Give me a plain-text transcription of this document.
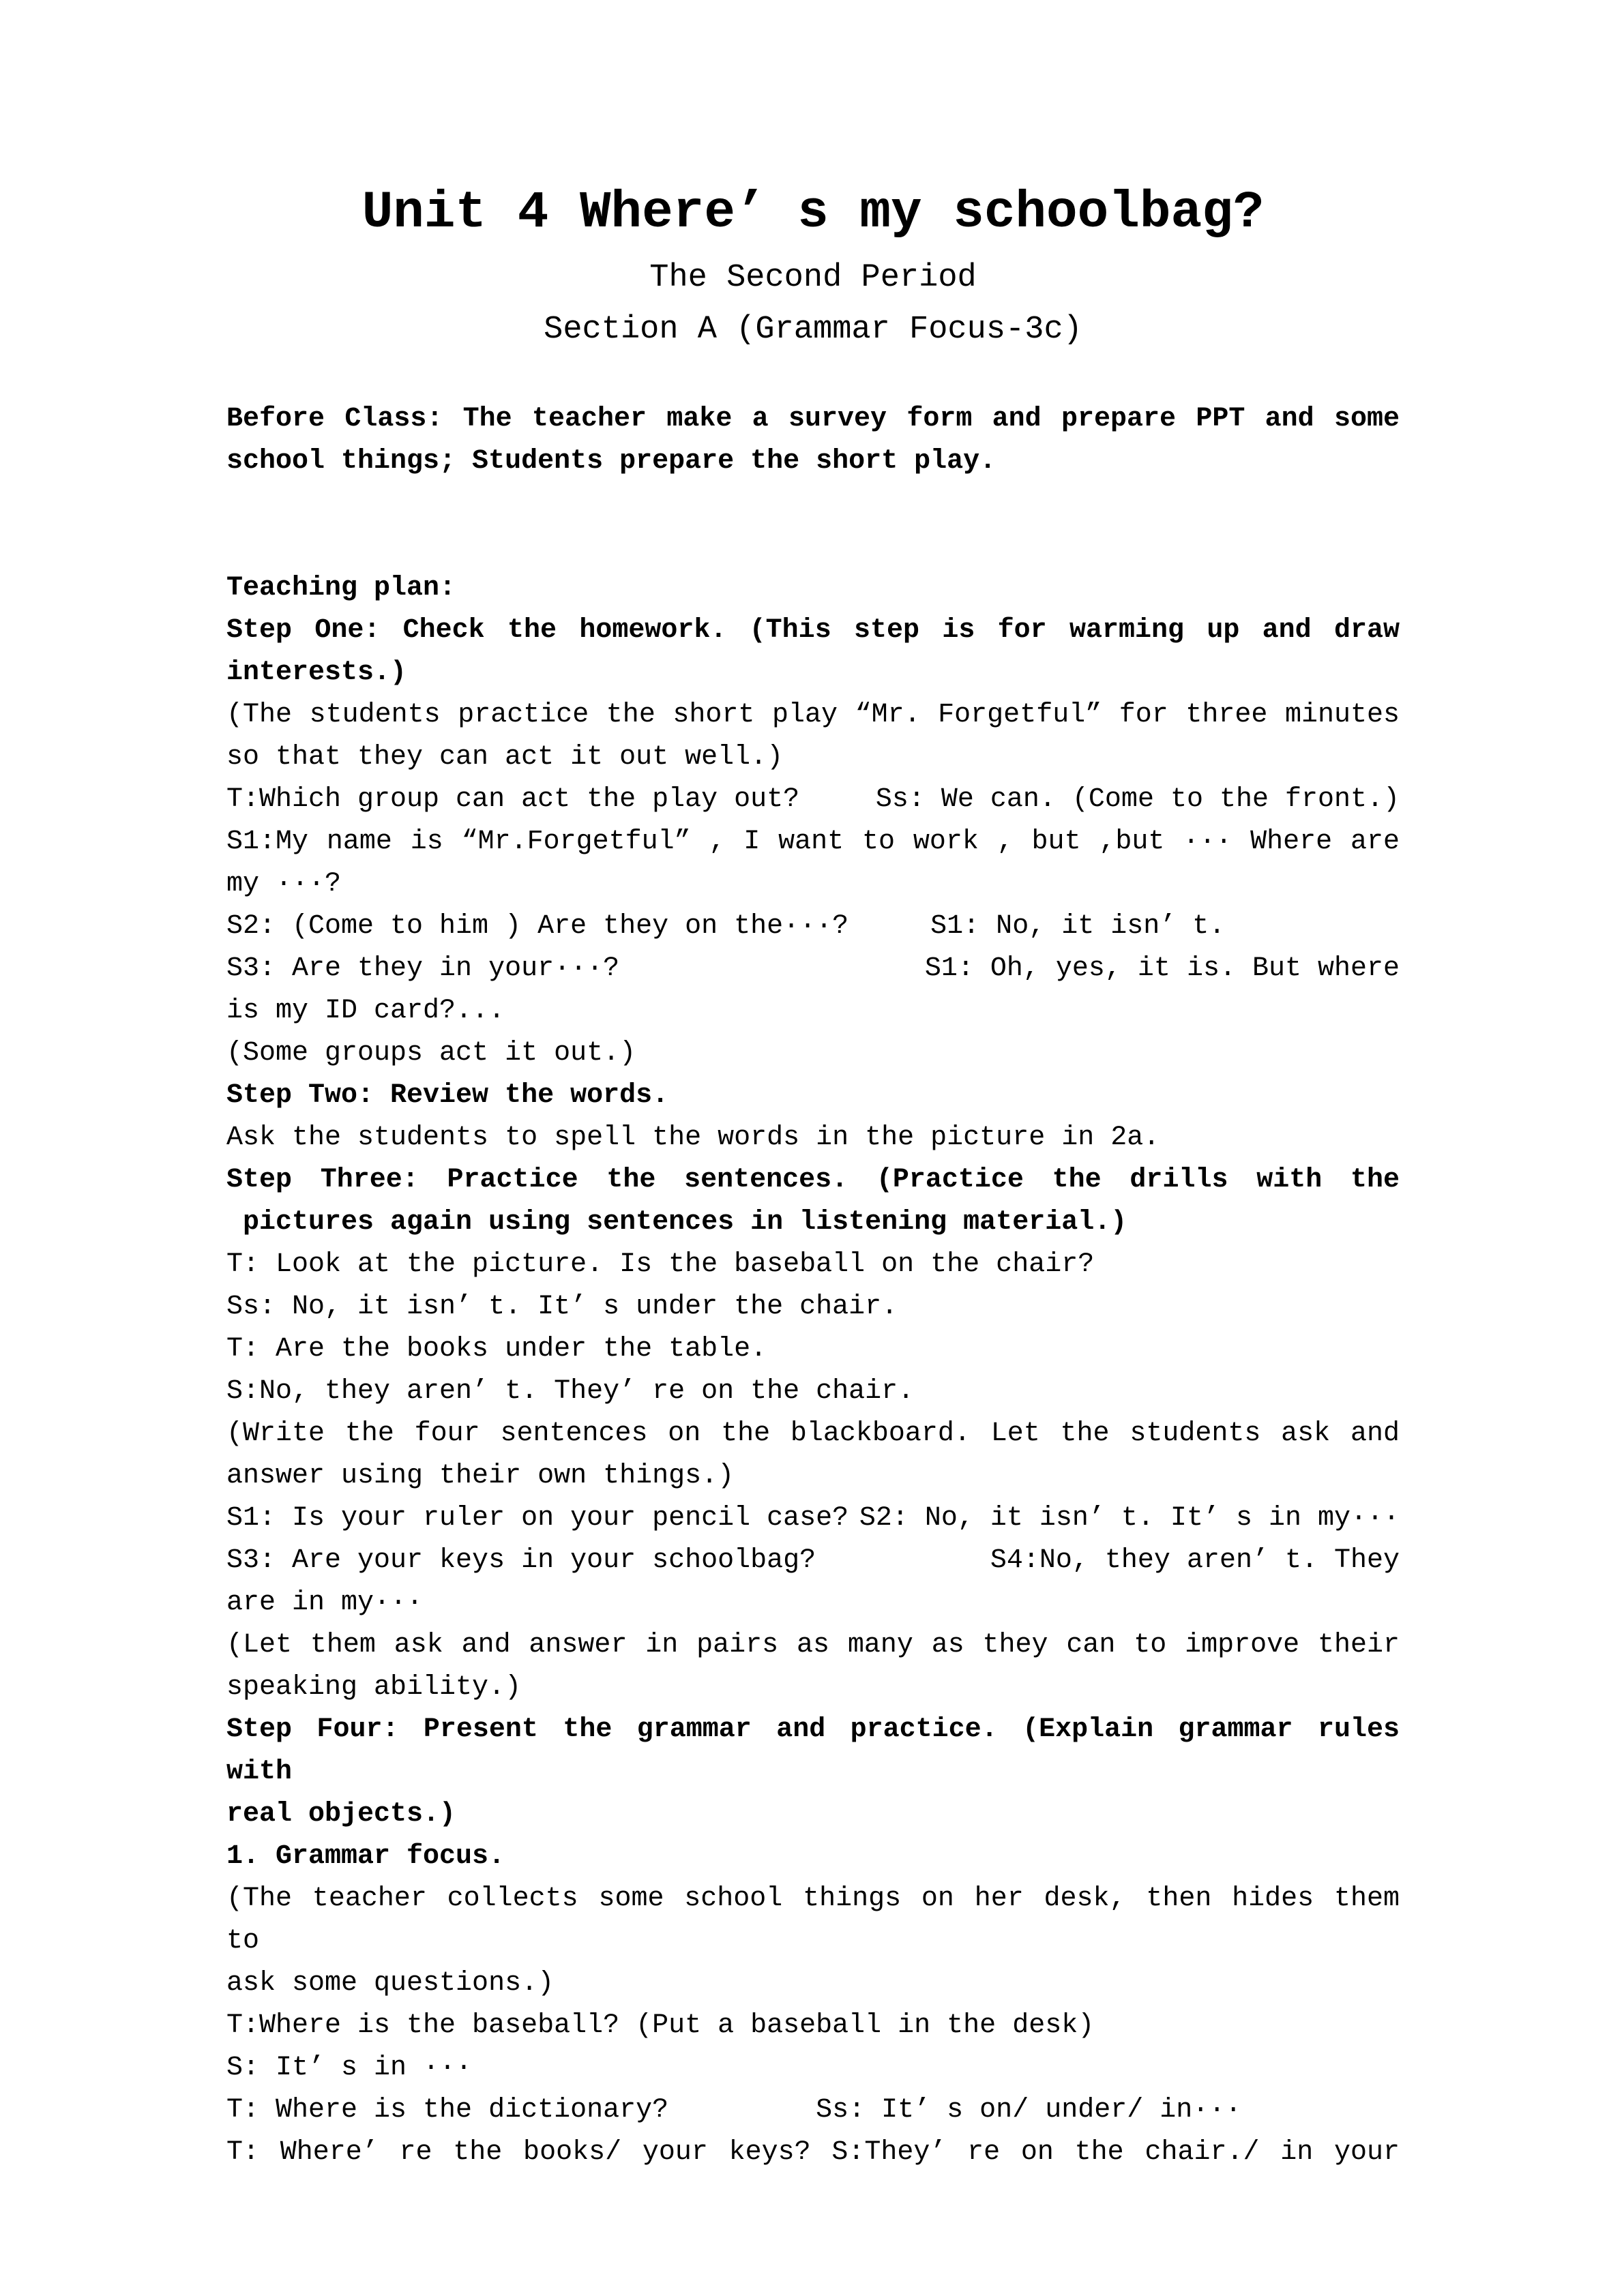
Unit 4 Where’ s my schoolbag?
The Second Period
Section A (Grammar Focus-3c)
Before Class: The teacher make a survey form and prepare PPT and some
school things; Students prepare the short play.
Teaching plan:
Step One: Check the homework. (This step is for warming up and draw
interests.)
(The students practice the short play “Mr. Forgetful” for three minutes
so that they can act it out well.)
T:Which group can act the play out?	Ss: We can. (Come to the front.)
S1:My name is “Mr.Forgetful” , I want to work , but ,but ··· Where are
my ···?
S2: (Come to him ) Are they on the···?     S1: No, it isn’ t.
S3: Are they in your···?	S1: Oh, yes, it is. But where
is my ID card?...
(Some groups act it out.)
Step Two: Review the words.
Ask the students to spell the words in the picture in 2a.
Step Three: Practice the sentences. (Practice the drills with the
pictures again using sentences in listening material.)
T: Look at the picture. Is the baseball on the chair?
Ss: No, it isn’ t. It’ s under the chair.
T: Are the books under the table.
S:No, they aren’ t. They’ re on the chair.
(Write the four sentences on the blackboard. Let the students ask and
answer using their own things.)
S1: Is your ruler on your pencil case? S2: No, it isn’ t. It’ s in my···
S3: Are your keys in your schoolbag?	S4:No, they aren’ t. They
are in my···
(Let them ask and answer in pairs as many as they can to improve their
speaking ability.)
Step Four: Present the grammar and practice. (Explain grammar rules with
real objects.)
1. Grammar focus.
(The teacher collects some school things on her desk, then hides them to
ask some questions.)
T:Where is the baseball? (Put a baseball in the desk)
S: It’ s in ···
T: Where is the dictionary?         Ss: It’ s on/ under/ in···
T: Where’ re the books/ your keys? S:They’ re on the chair./ in your
